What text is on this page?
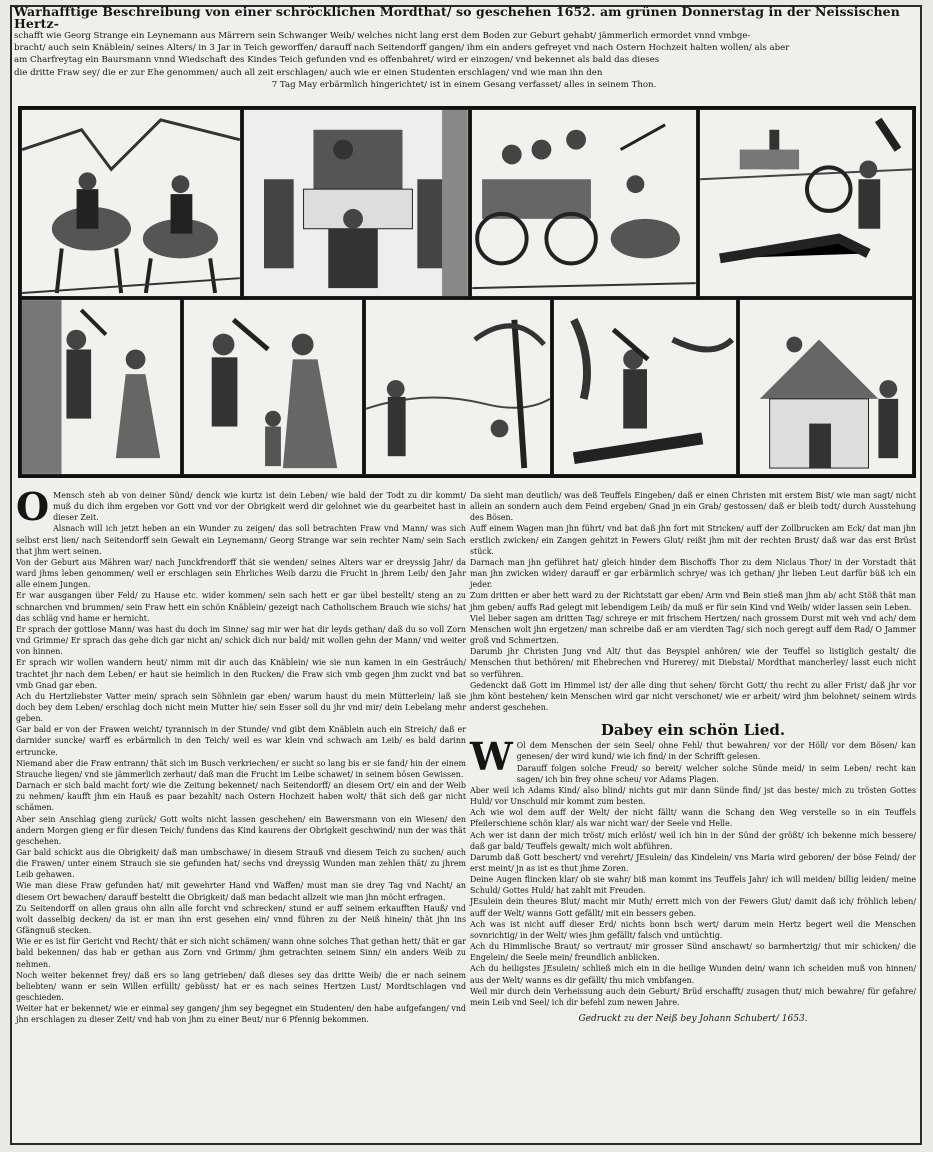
Warhafftige Beschreibung von einer schröcklichen Mordthat/ so geschehen 1652. am grünen Donnerstag in der Neissischen Hertz-
schafft wie Georg Strange ein Leynemann aus Märrern sein Schwanger Weib/ welches nicht lang erst dem Boden zur Geburt gehabt/ jämmerlich ermordet vnnd vmbge-
bracht/ auch sein Knäblein/ seines Alters/ in 3 Jar in Teich geworffen/ darauff nach Seitendorff gangen/ ihm ein anders gefreyet vnd nach Ostern Hochzeit halten wollen/ als aber
am Charfreytag ein Baursmann vnnd Wiedschaft des Kindes Teich gefunden vnd es offenbahret/ wird er einzogen/ vnd bekennet als bald das dieses
die dritte Fraw sey/ die er zur Ehe genommen/ auch all zeit erschlagen/ auch wie er einen Studenten erschlagen/ vnd wie man ihn den
7 Tag May erbärmlich hingerichtet/ ist in einem Gesang verfasset/ alles in seinem Thon.

O Mensch steh ab von deiner Sünd/ denck wie kurtz ist dein Leben/ wie bald der Todt zu dir kommt/ muß du dich ihm ergeben vor Gott vnd vor der Obrigkeit werd dir gelohnet wie du gearbeitet hast in dieser Zeit.

Alsnach will ich jetzt heben an ein Wunder zu zeigen/ das soll betrachten Fraw vnd Mann/ was sich selbst erst lien/ nach Seitendorff sein Gewalt ein Leynemann/ Georg Strange war sein rechter Nam/ sein Sach that jhm wert seinen.

Von der Geburt aus Mähren war/ nach Junckfrendorff thät sie wenden/ seines Alters war er dreyssig Jahr/ da ward jhms leben genommen/ weil er erschlagen sein Ehrliches Weib darzu die Frucht in jhrem Leib/ den Jahr alle einem Jungen.

Er war ausgangen über Feld/ zu Hause etc. wider kommen/ sein sach hett er gar übel bestellt/ steng an zu schnarchen vnd brummen/ sein Fraw hett ein schön Knäblein/ gezeigt nach Catholischem Brauch wie sichs/ hat das schläg vnd hame er hernicht.

Er sprach der gottlose Mann/ was hast du doch im Sinne/ sag mir wer hat dir leyds gethan/ daß du so voll Zorn vnd Grimme/ Er sprach das gehe dich gar nicht an/ schick dich nur bald/ mit wollen gehn der Mann/ vnd weiter von hinnen.

Er sprach wir wollen wandern heut/ nimm mit dir auch das Knäblein/ wie sie nun kamen in ein Gesträuch/ trachtet jhr nach dem Leben/ er haut sie heimlich in den Rucken/ die Fraw sich vmb gegen jhm zuckt vnd bat vmb Gnad gar eben.

Ach du Hertzliebster Vatter mein/ sprach sein Söhnlein gar eben/ warum haust du mein Mütterlein/ laß sie doch bey dem Leben/ erschlag doch nicht mein Mutter hie/ sein Esser soll du jhr vnd mir/ dein Lebelang mehr geben.

Gar bald er von der Frawen weicht/ tyrannisch in der Stunde/ vnd gibt dem Knäblein auch ein Streich/ daß er darnider suncke/ warff es erbärmlich in den Teich/ weil es war klein vnd schwach am Leib/ es bald darinn ertruncke.

Niemand aber die Fraw entrann/ thät sich im Busch verkriechen/ er sucht so lang bis er sie fand/ hin der einem Strauche liegen/ vnd sie jämmerlich zerhaut/ daß man die Frucht im Leibe schawet/ in seinem bösen Gewissen.

Darnach er sich bald macht fort/ wie die Zeitung bekennet/ nach Seitendorff/ an diesem Ort/ ein and der Weib zu nehmen/ kaufft jhm ein Hauß es paar bezahlt/ nach Ostern Hochzeit haben wolt/ thät sich deß gar nicht schämen.

Aber sein Anschlag gieng zurück/ Gott wolts nicht lassen geschehen/ ein Bawersmann von ein Wiesen/ den andern Morgen gieng er für diesen Teich/ fundens das Kind kaurens der Obrigkeit geschwind/ nun der was thät geschehen.

Gar bald schickt aus die Obrigkeit/ daß man umbschawe/ in diesem Strauß vnd diesem Teich zu suchen/ auch die Frawen/ unter einem Strauch sie sie gefunden hat/ sechs vnd dreyssig Wunden man zehlen thät/ zu jhrem Leib gehawen.

Wie man diese Fraw gefunden hat/ mit gewehrter Hand vnd Waffen/ must man sie drey Tag vnd Nacht/ an diesem Ort bewachen/ darauff besteltt die Obrigkeit/ daß man bedacht allzeit wie man jhn möcht erfragen.

Zu Seitendorff on allen graus ohn alln alle forcht vnd schrecken/ stund er auff seinem erkaufften Hauß/ vnd wolt dasselbig decken/ da ist er man ihn erst gesehen ein/ vnnd führen zu der Neiß hinein/ thät jhn ins Gfängnuß stecken.

Wie er es ist für Gericht vnd Recht/ thät er sich nicht schämen/ wann ohne solches That gethan hett/ thät er gar bald bekennen/ das hab er gethan aus Zorn vnd Grimm/ jhm getrachten seinem Sinn/ ein anders Weib zu nehmen.

Noch weiter bekennet frey/ daß ers so lang getrieben/ daß dieses sey das dritte Weib/ die er nach seinem beliebten/ wann er sein Willen erfüllt/ gebüsst/ hat er es nach seines Hertzen Lust/ Mordtschlagen vnd geschieden.

Weiter hat er bekennet/ wie er einmal sey gangen/ jhm sey begegnet ein Studenten/ den habe aufgefangen/ vnd jhn erschlagen zu dieser Zeit/ vnd hab von jhm zu einer Beut/ nur 6 Pfennig bekommen.

Da sieht man deutlich/ was deß Teuffels Eingeben/ daß er einen Christen mit erstem Bist/ wie man sagt/ nicht allein an sondern auch dem Feind ergeben/ Gnad jn ein Grab/ gestossen/ daß er bleib todt/ durch Ausstehung des Bösen.

Auff einem Wagen man jhn führt/ vnd bat daß jhn fort mit Stricken/ auff der Zollbrucken am Eck/ dat man jhn erstlich zwicken/ ein Zangen gehitzt in Fewers Glut/ reißt jhm mit der rechten Brust/ daß war das erst Brüst stück.

Darnach man jhn geführet hat/ gleich hinder dem Bischoffs Thor zu dem Niclaus Thor/ in der Vorstadt thät man jhn zwicken wider/ darauff er gar erbärmlich schrye/ was ich gethan/ jhr lieben Leut darfür büß ich ein jeder.

Zum dritten er aber hett ward zu der Richtstatt gar eben/ Arm vnd Bein stieß man jhm ab/ acht Stöß thät man jhm geben/ auffs Rad gelegt mit lebendigem Leib/ da muß er für sein Kind vnd Weib/ wider lassen sein Leben.

Viel lieber sagen am dritten Tag/ schreye er mit frischem Hertzen/ nach grossem Durst mit weh vnd ach/ dem Menschen wolt jhn ergetzen/ man schreibe daß er am vierdten Tag/ sich noch geregt auff dem Rad/ O Jammer groß vnd Schmertzen.

Darumb jhr Christen Jung vnd Alt/ thut das Beyspiel anhören/ wie der Teuffel so listiglich gestalt/ die Menschen thut bethören/ mit Ehebrechen vnd Hurerey/ mit Diebstal/ Mordthat mancherley/ lasst euch nicht so verführen.

Gedenckt daß Gott im Himmel ist/ der alle ding thut sehen/ förcht Gott/ thu recht zu aller Frist/ daß jhr vor jhm könt bestehen/ kein Menschen wird gar nicht verschonet/ wie er arbeit/ wird jhm belohnet/ seinem wirds anderst geschehen.

Dabey ein schön Lied.

W Ol dem Menschen der sein Seel/ ohne Fehl/ thut bewahren/ vor der Höll/ vor dem Bösen/ kan genesen/ der wird kund/ wie ich find/ in der Schrifft gelesen.

Darauff folgen solche Freud/ so bereit/ welcher solche Sünde meid/ in seim Leben/ recht kan sagen/ ich bin frey ohne scheu/ vor Adams Plagen.

Aber weil ich Adams Kind/ also blind/ nichts gut mir dann Sünde find/ jst das beste/ mich zu trösten Gottes Huld/ vor Unschuld mir kommt zum besten.

Ach wie wol dem auff der Welt/ der nicht fällt/ wann die Schang den Weg verstelle so in ein Teuffels Pfeilerschiene schön klar/ als war nicht war/ der Seele vnd Helle.

Ach wer ist dann der mich tröst/ mich erlöst/ weil ich bin in der Sünd der größt/ ich bekenne mich bessere/ daß gar bald/ Teuffels gewalt/ mich wolt abführen.

Darumb daß Gott beschert/ vnd verehrt/ JEsulein/ das Kindelein/ vns Maria wird geboren/ der böse Feind/ der erst meint/ jn as ist es thut jhme Zoren.

Deine Augen flincken klar/ ob sie wahr/ biß man kommt ins Teuffels Jahr/ ich will meiden/ billig leiden/ meine Schuld/ Gottes Huld/ hat zahlt mit Freuden.

JEsulein dein theures Blut/ macht mir Muth/ errett mich von der Fewers Glut/ damit daß ich/ fröhlich leben/ auff der Welt/ wanns Gott gefällt/ mit ein bessers geben.

Ach was ist nicht auff dieser Erd/ nichts bonn bsch wert/ darum mein Hertz begert weil die Menschen sovnrichtig/ in der Welt/ wies jhm gefällt/ falsch vnd untüchtig.

Ach du Himmlische Braut/ so vertraut/ mir grosser Sünd anschawt/ so barmhertzig/ thut mir schicken/ die Engelein/ die Seele mein/ freundlich anblicken.

Ach du heiligstes JEsulein/ schließ mich ein in die heilige Wunden dein/ wann ich scheiden muß von hinnen/ aus der Welt/ wanns es dir gefällt/ thu mich vmbfangen.

Weil mir durch dein Verheissung auch dein Geburt/ Brüd erschafft/ zusagen thut/ mich bewahre/ für gefahre/ mein Leib vnd Seel/ ich dir befehl zum newen Jahre.

Gedruckt zu der Neiß bey Johann Schubert/ 1653.
